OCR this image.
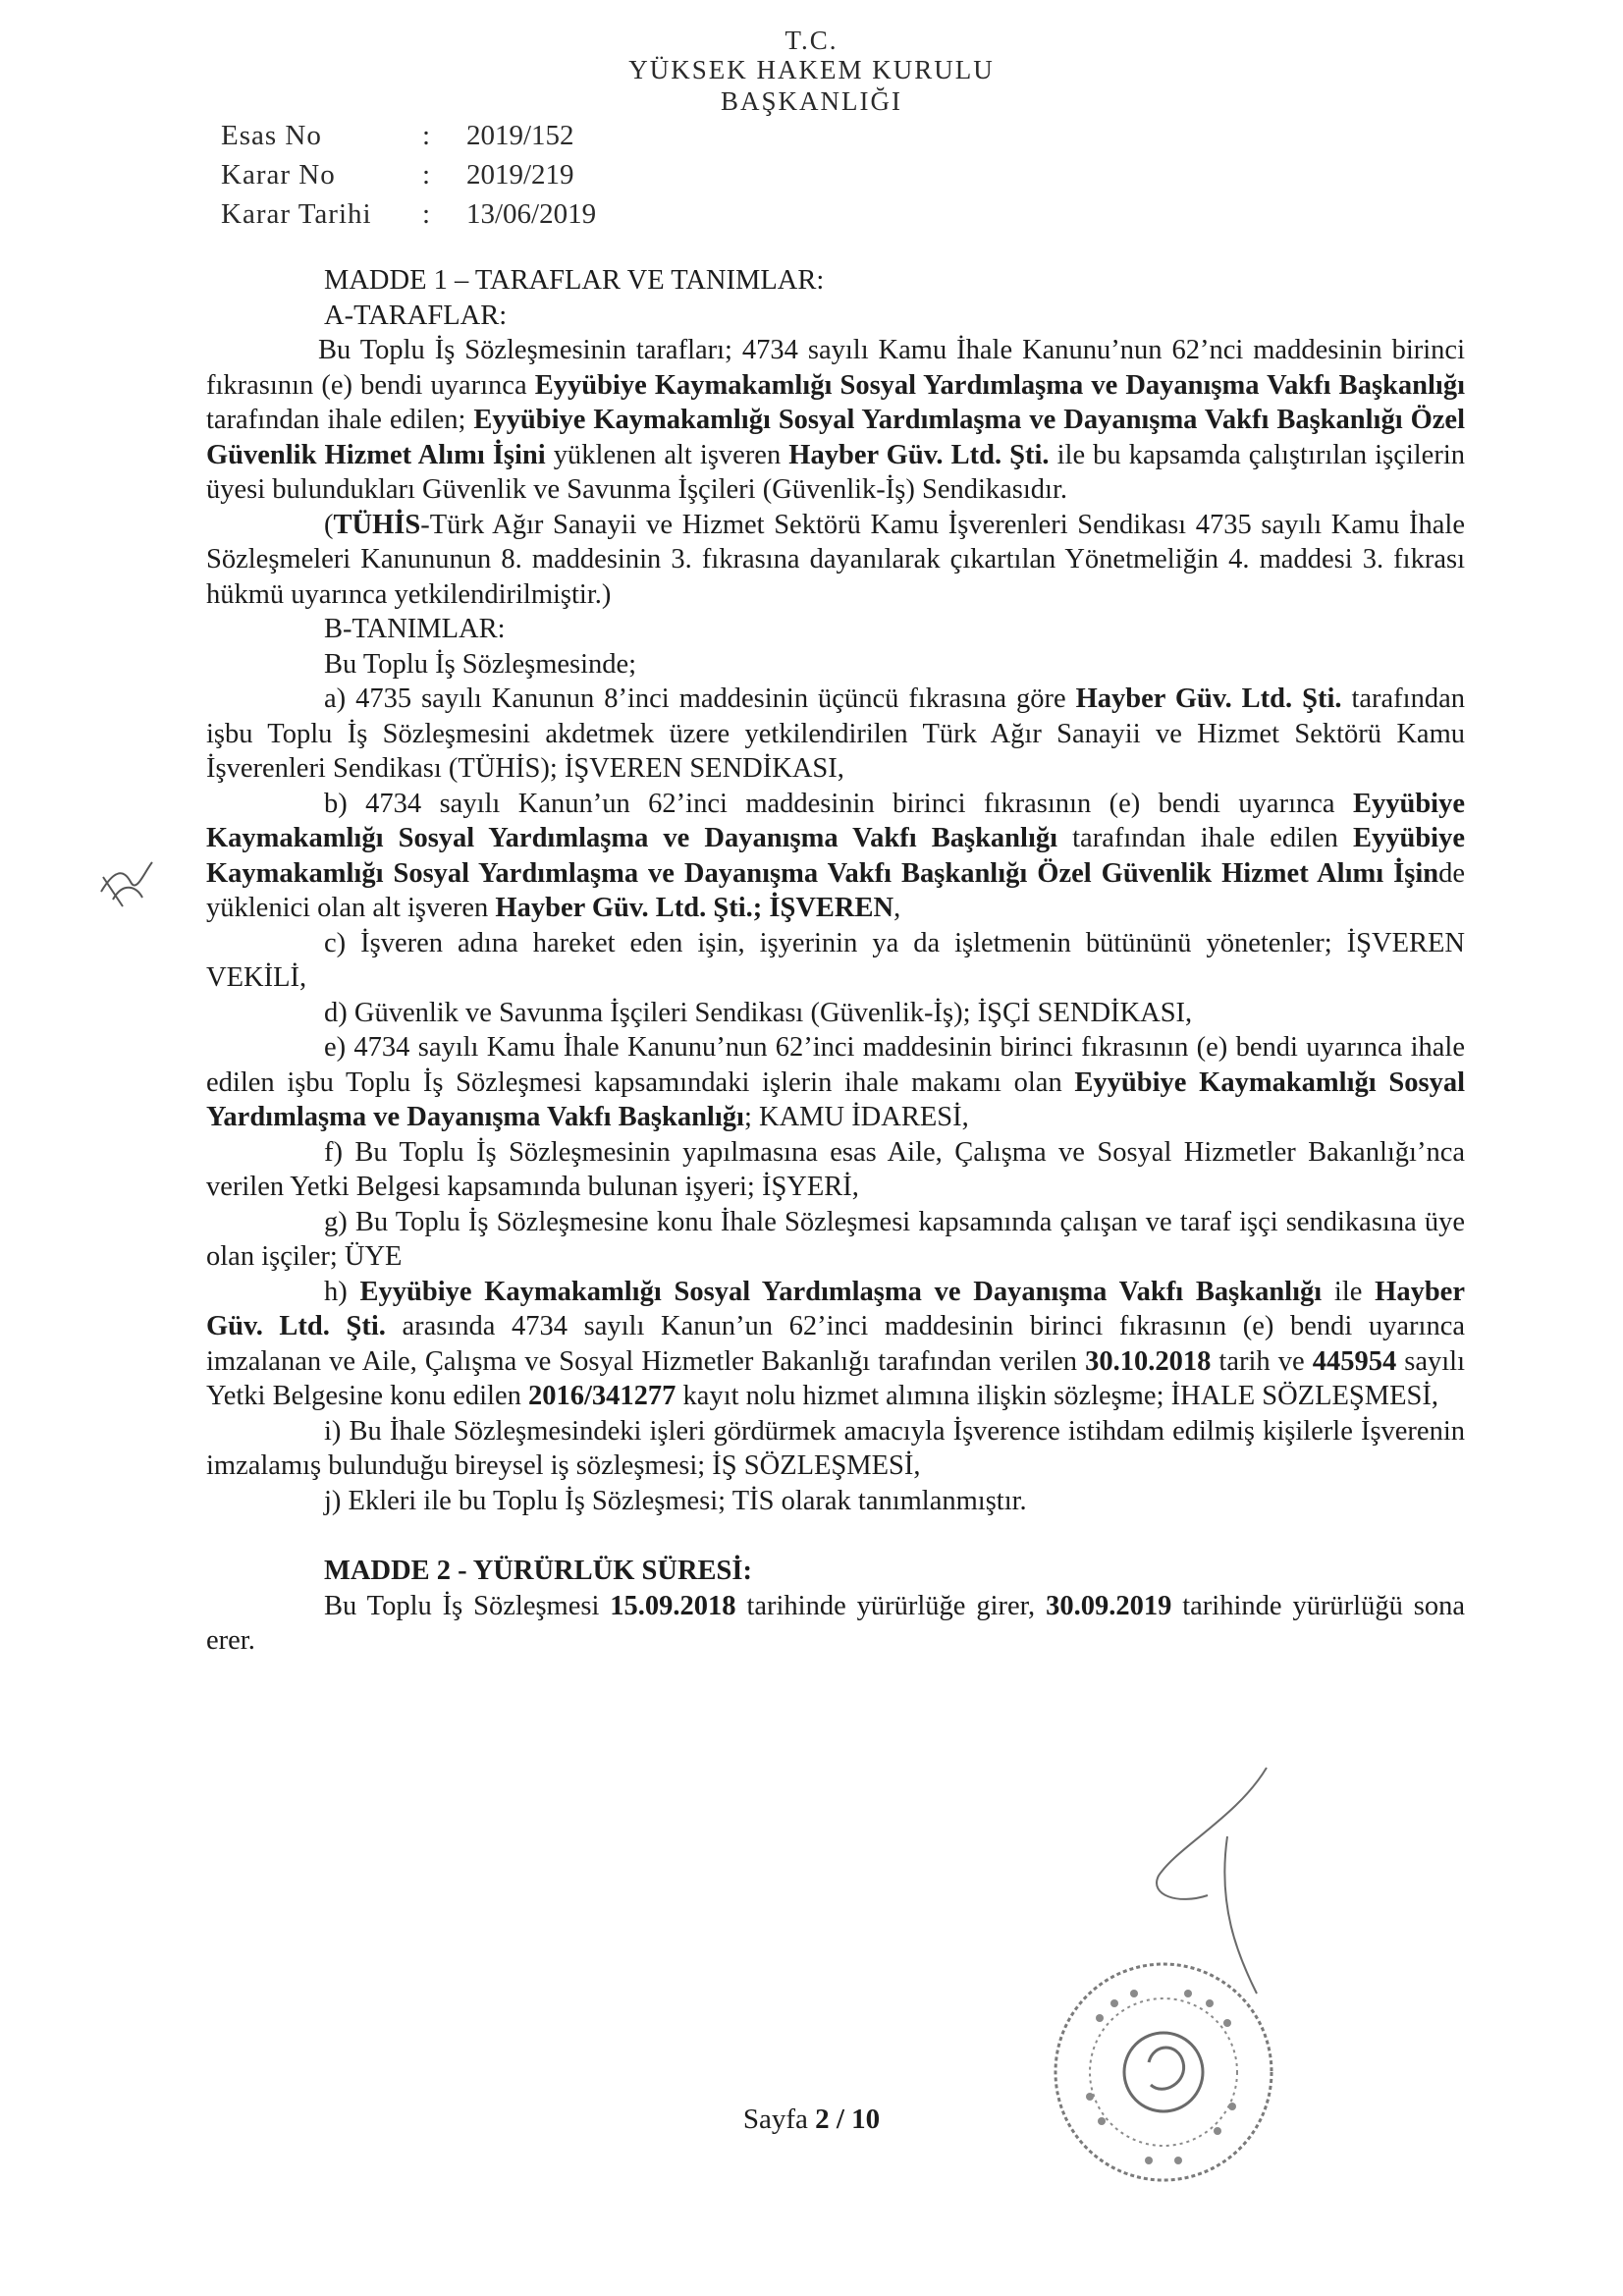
T.C.
YÜKSEK HAKEM KURULU
BAŞKANLIĞI
Esas No	: 2019/152
Karar No	: 2019/219
Karar Tarihi : 13/06/2019

MADDE 1 – TARAFLAR VE TANIMLAR:

A-TARAFLAR:

Bu Toplu İş Sözleşmesinin tarafları; 4734 sayılı Kamu İhale Kanunu’nun 62’nci maddesinin birinci fıkrasının (e) bendi uyarınca Eyyübiye Kaymakamlığı Sosyal Yardımlaşma ve Dayanışma Vakfı Başkanlığı tarafından ihale edilen; Eyyübiye Kaymakamlığı Sosyal Yardımlaşma ve Dayanışma Vakfı Başkanlığı Özel Güvenlik Hizmet Alımı İşini yüklenen alt işveren Hayber Güv. Ltd. Şti. ile bu kapsamda çalıştırılan işçilerin üyesi bulundukları Güvenlik ve Savunma İşçileri (Güvenlik-İş) Sendikasıdır.

(TÜHİS-Türk Ağır Sanayii ve Hizmet Sektörü Kamu İşverenleri Sendikası 4735 sayılı Kamu İhale Sözleşmeleri Kanununun 8. maddesinin 3. fıkrasına dayanılarak çıkartılan Yönetmeliğin 4. maddesi 3. fıkrası hükmü uyarınca yetkilendirilmiştir.)

B-TANIMLAR:

Bu Toplu İş Sözleşmesinde;

a) 4735 sayılı Kanunun 8’inci maddesinin üçüncü fıkrasına göre Hayber Güv. Ltd. Şti. tarafından işbu Toplu İş Sözleşmesini akdetmek üzere yetkilendirilen Türk Ağır Sanayii ve Hizmet Sektörü Kamu İşverenleri Sendikası (TÜHİS); İŞVEREN SENDİKASI,

b) 4734 sayılı Kanun’un 62’inci maddesinin birinci fıkrasının (e) bendi uyarınca Eyyübiye Kaymakamlığı Sosyal Yardımlaşma ve Dayanışma Vakfı Başkanlığı tarafından ihale edilen Eyyübiye Kaymakamlığı Sosyal Yardımlaşma ve Dayanışma Vakfı Başkanlığı Özel Güvenlik Hizmet Alımı İşinde yüklenici olan alt işveren Hayber Güv. Ltd. Şti.; İŞVEREN,

c) İşveren adına hareket eden işin, işyerinin ya da işletmenin bütününü yönetenler; İŞVEREN VEKİLİ,

d) Güvenlik ve Savunma İşçileri Sendikası (Güvenlik-İş); İŞÇİ SENDİKASI,

e) 4734 sayılı Kamu İhale Kanunu’nun 62’inci maddesinin birinci fıkrasının (e) bendi uyarınca ihale edilen işbu Toplu İş Sözleşmesi kapsamındaki işlerin ihale makamı olan Eyyübiye Kaymakamlığı Sosyal Yardımlaşma ve Dayanışma Vakfı Başkanlığı; KAMU İDARESİ,

f) Bu Toplu İş Sözleşmesinin yapılmasına esas Aile, Çalışma ve Sosyal Hizmetler Bakanlığı’nca verilen Yetki Belgesi kapsamında bulunan işyeri; İŞYERİ,

g) Bu Toplu İş Sözleşmesine konu İhale Sözleşmesi kapsamında çalışan ve taraf işçi sendikasına üye olan işçiler; ÜYE

h) Eyyübiye Kaymakamlığı Sosyal Yardımlaşma ve Dayanışma Vakfı Başkanlığı ile Hayber Güv. Ltd. Şti. arasında 4734 sayılı Kanun’un 62’inci maddesinin birinci fıkrasının (e) bendi uyarınca imzalanan ve Aile, Çalışma ve Sosyal Hizmetler Bakanlığı tarafından verilen 30.10.2018 tarih ve 445954 sayılı Yetki Belgesine konu edilen 2016/341277 kayıt nolu hizmet alımına ilişkin sözleşme; İHALE SÖZLEŞMESİ,

i) Bu İhale Sözleşmesindeki işleri gördürmek amacıyla İşverence istihdam edilmiş kişilerle İşverenin imzalamış bulunduğu bireysel iş sözleşmesi; İŞ SÖZLEŞMESİ,

j) Ekleri ile bu Toplu İş Sözleşmesi; TİS olarak tanımlanmıştır.

MADDE 2 - YÜRÜRLÜK SÜRESİ:

Bu Toplu İş Sözleşmesi 15.09.2018 tarihinde yürürlüğe girer, 30.09.2019 tarihinde yürürlüğü sona erer.

Sayfa 2 / 10
